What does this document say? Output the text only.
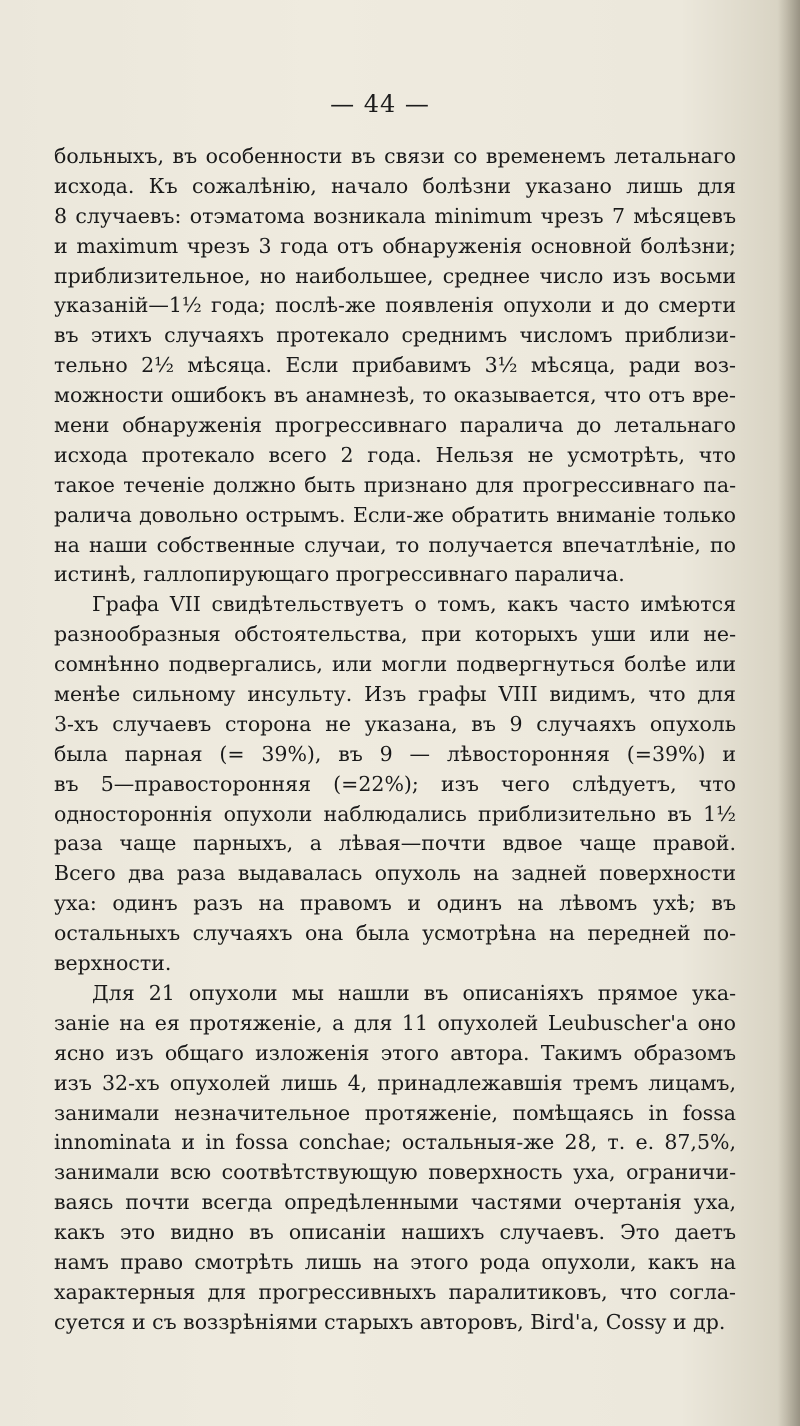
— 44 —
больныхъ, въ особенности въ связи со временемъ летальнаго
исхода. Къ сожалѣнію, начало болѣзни указано лишь для
8 случаевъ: отэматома возникала minimum чрезъ 7 мѣсяцевъ
и maximum чрезъ 3 года отъ обнаруженія основной болѣзни;
приблизительное, но наибольшее, среднее число изъ восьми
указаній—1½ года; послѣ-же появленія опухоли и до смерти
въ этихъ случаяхъ протекало среднимъ числомъ приблизи-
тельно 2½ мѣсяца. Если прибавимъ 3½ мѣсяца, ради воз-
можности ошибокъ въ анамнезѣ, то оказывается, что отъ вре-
мени обнаруженія прогрессивнаго паралича до летальнаго
исхода протекало всего 2 года. Нельзя не усмотрѣть, что
такое теченіе должно быть признано для прогрессивнаго па-
ралича довольно острымъ. Если-же обратить вниманіе только
на наши собственные случаи, то получается впечатлѣніе, по
истинѣ, галлопирующаго прогрессивнаго паралича.
Графа VII свидѣтельствуетъ о томъ, какъ часто имѣются
разнообразныя обстоятельства, при которыхъ уши или не-
сомнѣнно подвергались, или могли подвергнуться болѣе или
менѣе сильному инсульту. Изъ графы VIII видимъ, что для
3-хъ случаевъ сторона не указана, въ 9 случаяхъ опухоль
была парная (= 39%), въ 9 — лѣвосторонняя (=39%) и
въ 5—правосторонняя (=22%); изъ чего слѣдуетъ, что
одностороннія опухоли наблюдались приблизительно въ 1½
раза чаще парныхъ, а лѣвая—почти вдвое чаще правой.
Всего два раза выдавалась опухоль на задней поверхности
уха: одинъ разъ на правомъ и одинъ на лѣвомъ ухѣ; въ
остальныхъ случаяхъ она была усмотрѣна на передней по-
верхности.
Для 21 опухоли мы нашли въ описаніяхъ прямое ука-
заніе на ея протяженіе, а для 11 опухолей Leubuscher'a оно
ясно изъ общаго изложенія этого автора. Такимъ образомъ
изъ 32-хъ опухолей лишь 4, принадлежавшія тремъ лицамъ,
занимали незначительное протяженіе, помѣщаясь in fossa
innominata и in fossa conchae; остальныя-же 28, т. е. 87,5%,
занимали всю соотвѣтствующую поверхность уха, ограничи-
ваясь почти всегда опредѣленными частями очертанія уха,
какъ это видно въ описаніи нашихъ случаевъ. Это даетъ
намъ право смотрѣть лишь на этого рода опухоли, какъ на
характерныя для прогрессивныхъ паралитиковъ, что согла-
суется и съ воззрѣніями старыхъ авторовъ, Bird'a, Cossy и др.
